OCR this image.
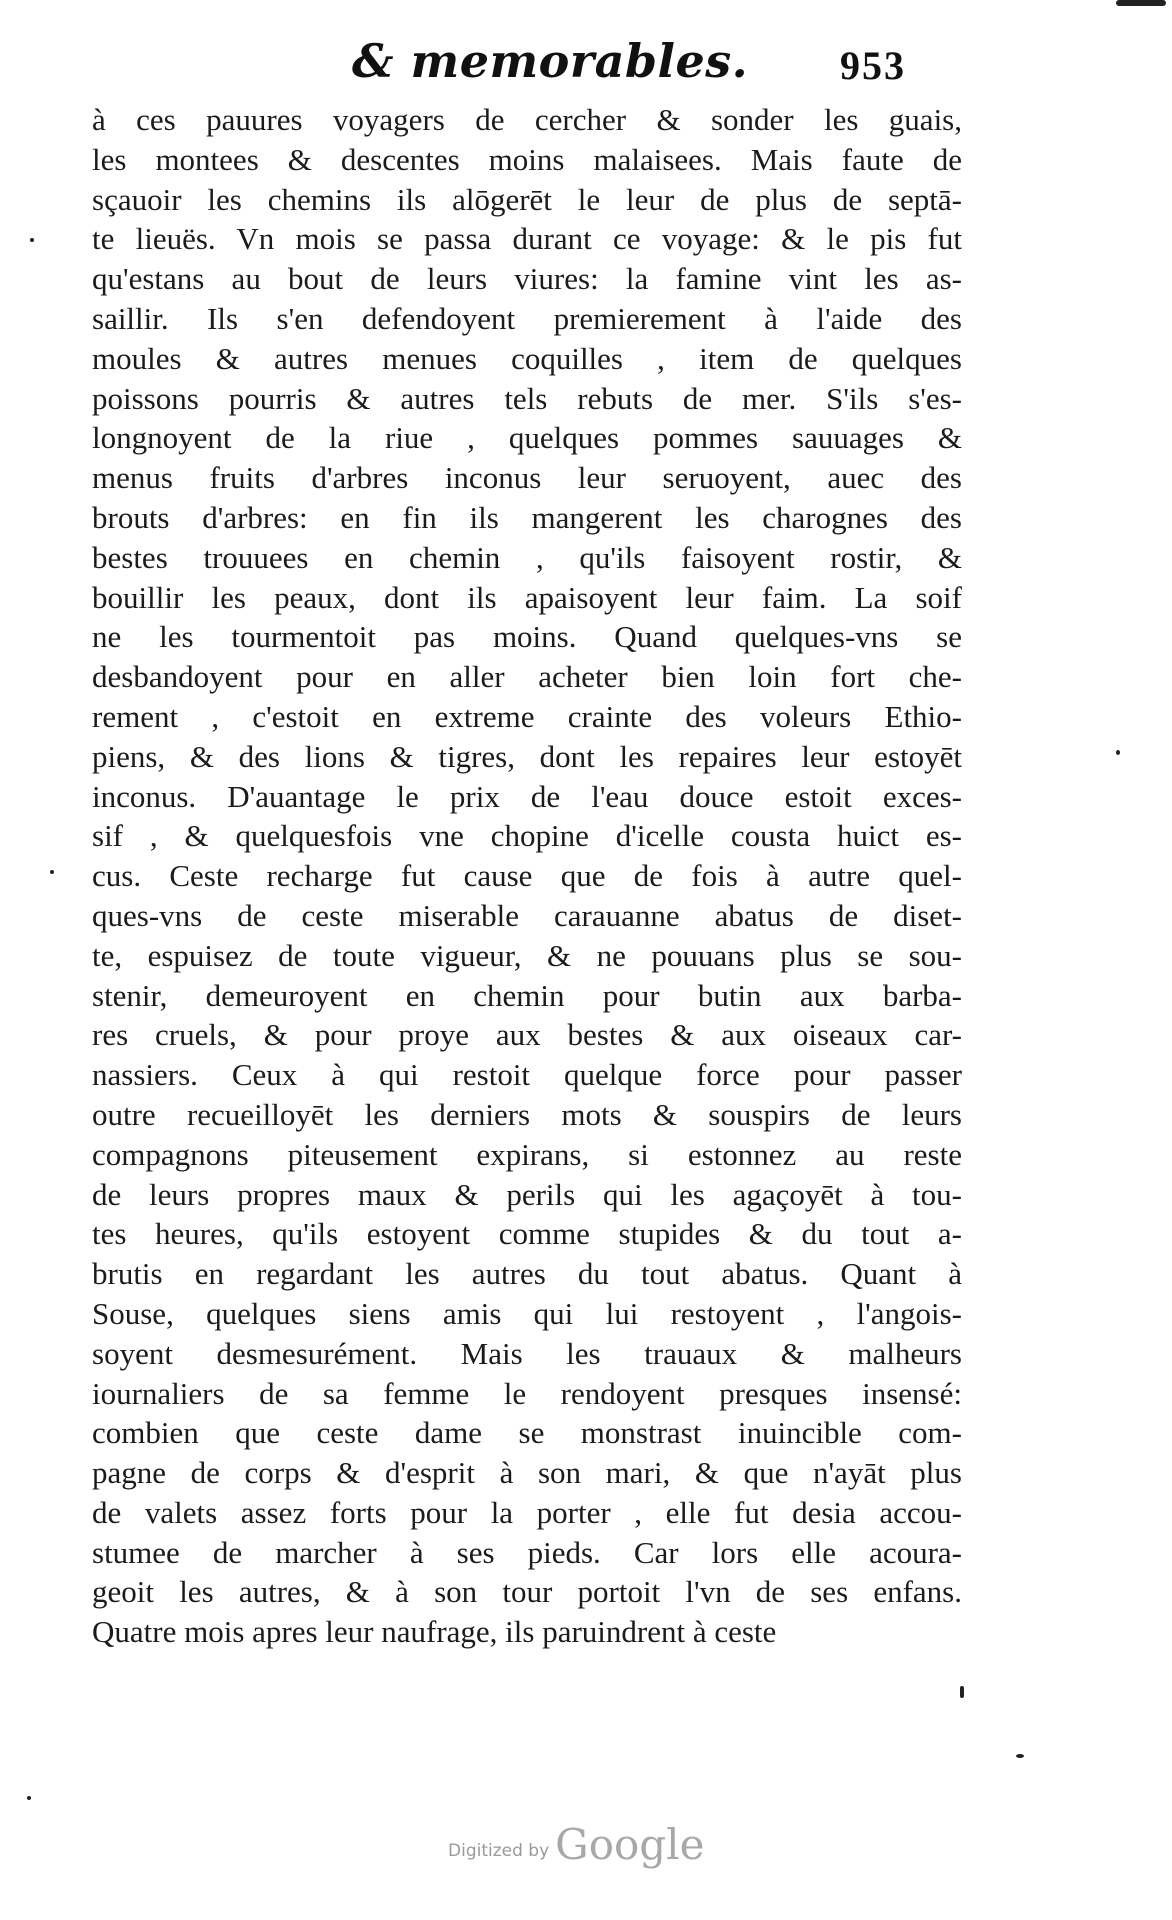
& memorables. 953
à ces pauures voyagers de cercher & sonder les guais,
les montees & descentes moins malaisees. Mais faute de
sçauoir les chemins ils alōgerēt le leur de plus de septā-
te lieuës. Vn mois se passa durant ce voyage: & le pis fut
qu'estans au bout de leurs viures: la famine vint les as-
saillir. Ils s'en defendoyent premierement à l'aide des
moules & autres menues coquilles , item de quelques
poissons pourris & autres tels rebuts de mer. S'ils s'es-
longnoyent de la riue , quelques pommes sauuages &
menus fruits d'arbres inconus leur seruoyent, auec des
brouts d'arbres: en fin ils mangerent les charognes des
bestes trouuees en chemin , qu'ils faisoyent rostir, &
bouillir les peaux, dont ils apaisoyent leur faim. La soif
ne les tourmentoit pas moins. Quand quelques-vns se
desbandoyent pour en aller acheter bien loin fort che-
rement , c'estoit en extreme crainte des voleurs Ethio-
piens, & des lions & tigres, dont les repaires leur estoyēt
inconus. D'auantage le prix de l'eau douce estoit exces-
sif , & quelquesfois vne chopine d'icelle cousta huict es-
cus. Ceste recharge fut cause que de fois à autre quel-
ques-vns de ceste miserable carauanne abatus de diset-
te, espuisez de toute vigueur, & ne pouuans plus se sou-
stenir, demeuroyent en chemin pour butin aux barba-
res cruels, & pour proye aux bestes & aux oiseaux car-
nassiers. Ceux à qui restoit quelque force pour passer
outre recueilloyēt les derniers mots & souspirs de leurs
compagnons piteusement expirans, si estonnez au reste
de leurs propres maux & perils qui les agaçoyēt à tou-
tes heures, qu'ils estoyent comme stupides & du tout a-
brutis en regardant les autres du tout abatus. Quant à
Souse, quelques siens amis qui lui restoyent , l'angois-
soyent desmesurément. Mais les trauaux & malheurs
iournaliers de sa femme le rendoyent presques insensé:
combien que ceste dame se monstrast inuincible com-
pagne de corps & d'esprit à son mari, & que n'ayāt plus
de valets assez forts pour la porter , elle fut desia accou-
stumee de marcher à ses pieds. Car lors elle acoura-
geoit les autres, & à son tour portoit l'vn de ses enfans.
Quatre mois apres leur naufrage, ils paruindrent à ceste
Digitized by Google
